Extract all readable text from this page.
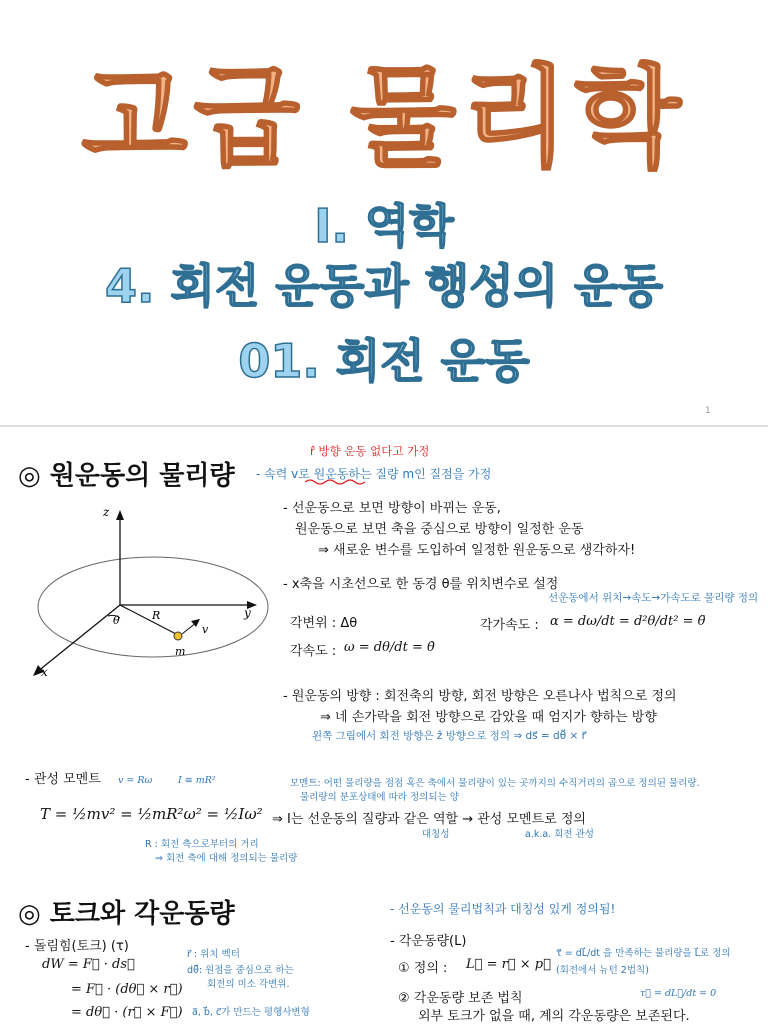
고급 물리학
Ⅰ. 역학
4. 회전 운동과 행성의 운동
01. 회전 운동
1
◎ 원운동의 물리량
r̂ 방향 운동 없다고 가정
- 속력 v로 원운동하는 질량 m인 질점을 가정
z
y
x
θ	R
v
m
- 선운동으로 보면 방향이 바뀌는 운동,
원운동으로 보면 축을 중심으로 방향이 일정한 운동
⇒ 새로운 변수를 도입하여 일정한 원운동으로 생각하자!
- x축을 시초선으로 한 동경 θ를 위치변수로 설정
선운동에서 위치→속도→가속도로 물리량 정의
각변위 : Δθ
각속도 : ω = dθ/dt = θ̇
각가속도 : α = dω/dt = d²θ/dt² = θ̈
- 원운동의 방향 : 회전축의 방향, 회전 방향은 오른나사 법칙으로 정의
⇒ 네 손가락을 회전 방향으로 감았을 때 엄지가 향하는 방향
왼쪽 그림에서 회전 방향은 ẑ 방향으로 정의 ⇒ ds⃗ = dθ⃗ × r⃗
- 관성 모멘트 v = Rω	I ≡ mR²	모멘트: 어떤 물리량을 점점 혹은 축에서 물리량이 있는 곳까지의 수직거리의 곱으로 정의된 물리량.
물리량의 분포상태에 따라 정의되는 양
T = ½mv² = ½mR²ω² = ½Iω² ⇒ I는 선운동의 질량과 같은 역할 → 관성 모멘트로 정의
대칭성	a.k.a. 회전 관성
R : 회전 축으로부터의 거리
⇒ 회전 축에 대해 정의되는 물리량
◎ 토크와 각운동량	- 선운동의 물리법칙과 대칭성 있게 정의됨!
- 돌림힘(토크) (τ)
dW = F⃗ · ds⃗
= F⃗ · (dθ⃗ × r⃗)
= dθ⃗ · (r⃗ × F⃗)
r⃗ : 위치 벡터
dθ⃗: 원점을 중심으로 하는
회전의 미소 각변위.
a⃗, b⃗, c⃗가 만드는 평행사변형
- 각운동량(L)
① 정의 : L⃗ = r⃗ × p⃗
τ⃗ = dL⃗/dt 을 만족하는 물리량을 L⃗로 정의
(회전에서 뉴턴 2법칙)
② 각운동량 보존 법칙	τ⃗ = dL⃗/dt = 0
외부 토크가 없을 때, 계의 각운동량은 보존된다.
